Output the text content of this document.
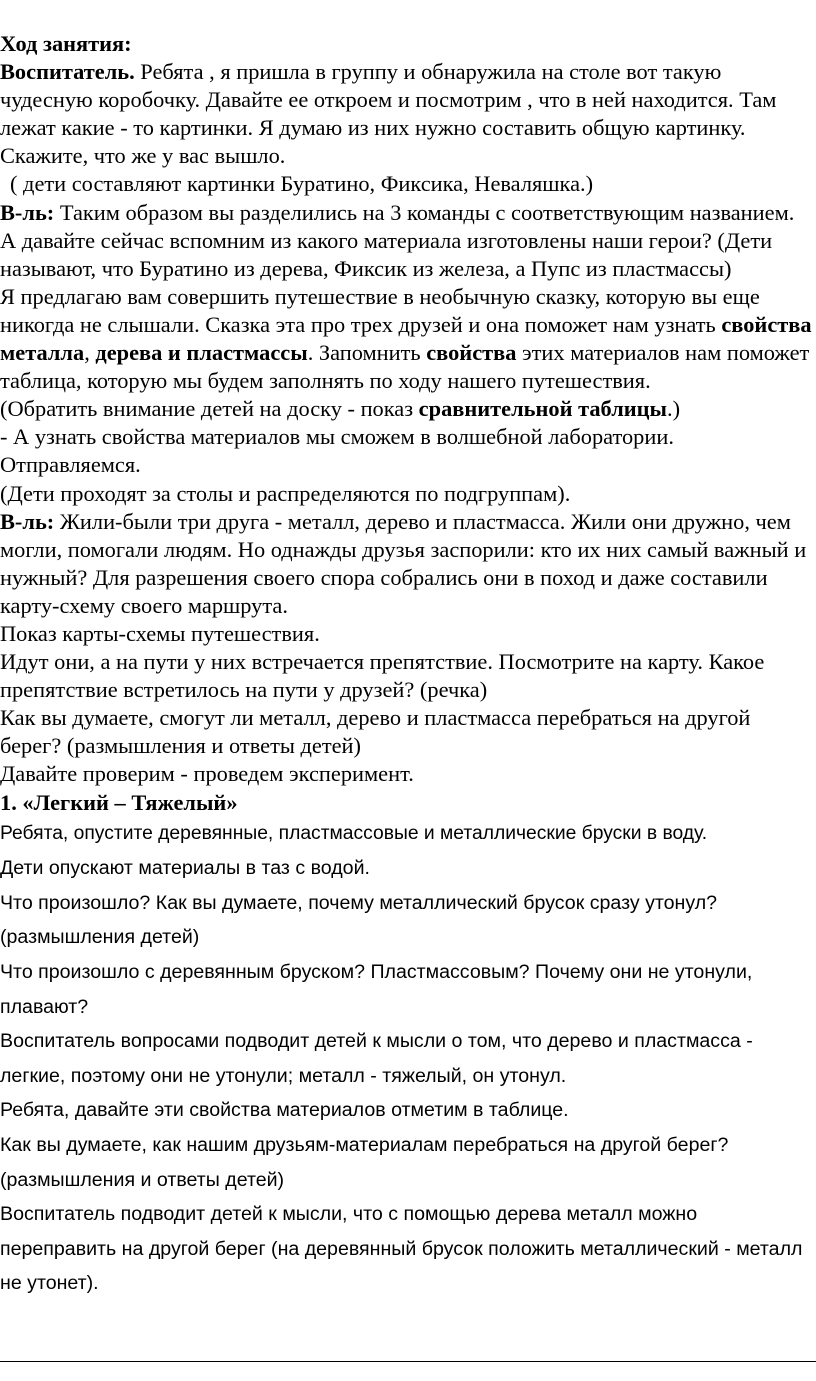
Ход занятия:

Воспитатель. Ребята , я пришла в группу и обнаружила на столе вот такую чудесную коробочку. Давайте ее откроем и посмотрим , что в ней находится. Там лежат какие - то картинки. Я думаю из них нужно составить общую картинку. Скажите, что же у вас вышло.

( дети составляют картинки Буратино, Фиксика, Неваляшка.)

В-ль: Таким образом вы разделились на 3 команды с соответствующим названием.

А давайте сейчас вспомним из какого материала изготовлены наши герои? (Дети называют, что Буратино из дерева, Фиксик из железа, а Пупс из пластмассы)

Я предлагаю вам совершить путешествие в необычную сказку, которую вы еще никогда не слышали. Сказка эта про трех друзей и она поможет нам узнать свойства металла, дерева и пластмассы. Запомнить свойства этих материалов нам поможет таблица, которую мы будем заполнять по ходу нашего путешествия.

(Обратить внимание детей на доску - показ сравнительной таблицы.)

- А узнать свойства материалов мы сможем в волшебной лаборатории. Отправляемся.

(Дети проходят за столы и распределяются по подгруппам).

В-ль: Жили-были три друга - металл, дерево и пластмасса. Жили они дружно, чем могли, помогали людям. Но однажды друзья заспорили: кто их них самый важный и нужный? Для разрешения своего спора собрались они в поход и даже составили карту-схему своего маршрута.

Показ карты-схемы путешествия.

Идут они, а на пути у них встречается препятствие. Посмотрите на карту. Какое препятствие встретилось на пути у друзей? (речка)

Как вы думаете, смогут ли металл, дерево и пластмасса перебраться на другой берег? (размышления и ответы детей)

Давайте проверим - проведем эксперимент.

1. «Легкий – Тяжелый»

Ребята, опустите деревянные, пластмассовые и металлические бруски в воду.

Дети опускают материалы в таз с водой.

Что произошло? Как вы думаете, почему металлический брусок сразу утонул? (размышления детей)

Что произошло с деревянным бруском? Пластмассовым? Почему они не утонули, плавают?

Воспитатель вопросами подводит детей к мысли о том, что дерево и пластмасса - легкие, поэтому они не утонули; металл - тяжелый, он утонул.

Ребята, давайте эти свойства материалов отметим в таблице.

Как вы думаете, как нашим друзьям-материалам перебраться на другой берег? (размышления и ответы детей)

Воспитатель подводит детей к мысли, что с помощью дерева металл можно переправить на другой берег (на деревянный брусок положить металлический - металл не утонет).
